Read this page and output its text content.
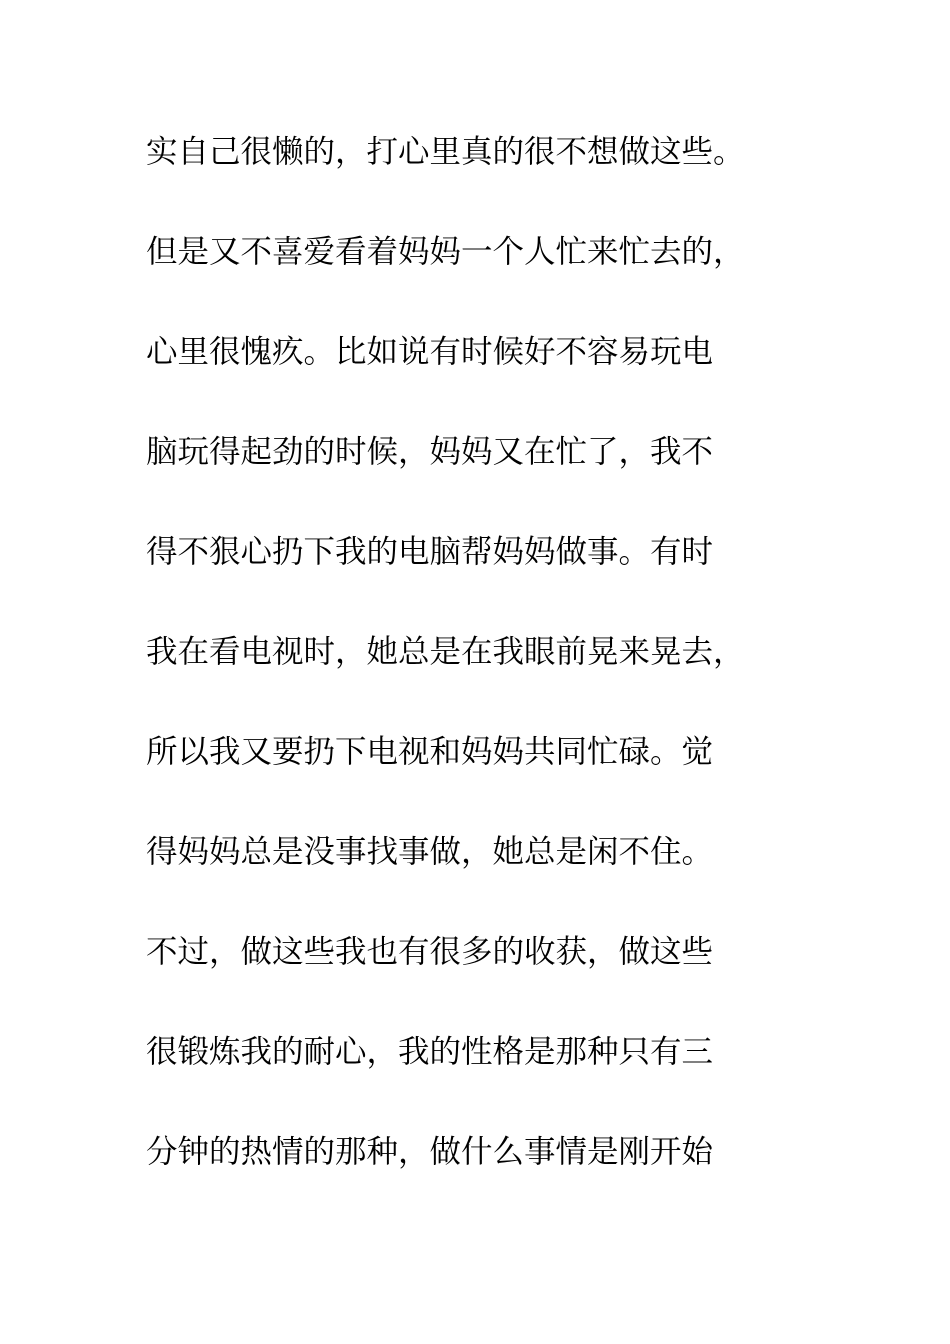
实自己很懒的，打心里真的很不想做这些。
但是又不喜爱看着妈妈一个人忙来忙去的，
心里很愧疚。比如说有时候好不容易玩电
脑玩得起劲的时候，妈妈又在忙了，我不
得不狠心扔下我的电脑帮妈妈做事。有时
我在看电视时，她总是在我眼前晃来晃去，
所以我又要扔下电视和妈妈共同忙碌。觉
得妈妈总是没事找事做，她总是闲不住。
不过，做这些我也有很多的收获，做这些
很锻炼我的耐心，我的性格是那种只有三
分钟的热情的那种，做什么事情是刚开始
